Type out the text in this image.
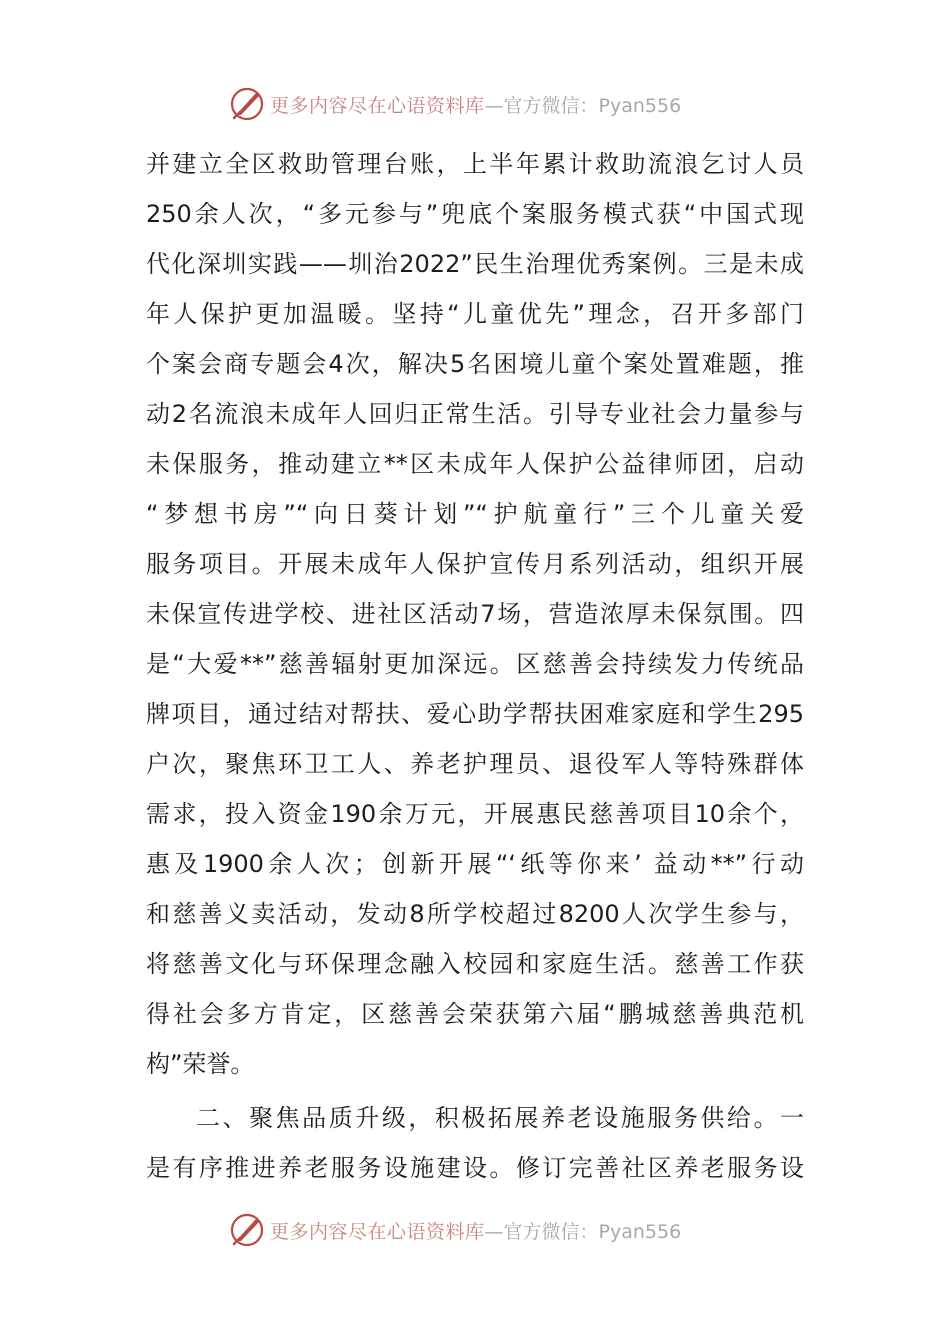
更多内容尽在心语资料库 —官方微信：Pyan556
并建立全区救助管理台账，上半年累计救助流浪乞讨人员
250余人次，“多元参与”兜底个案服务模式获“中国式现
代化深圳实践——圳治2022”民生治理优秀案例。三是未成
年人保护更加温暖。坚持“儿童优先”理念，召开多部门
个案会商专题会4次，解决5名困境儿童个案处置难题，推
动2名流浪未成年人回归正常生活。引导专业社会力量参与
未保服务，推动建立**区未成年人保护公益律师团，启动
“梦想书房”“向日葵计划”“护航童行”三个儿童关爱
服务项目。开展未成年人保护宣传月系列活动，组织开展
未保宣传进学校、进社区活动7场，营造浓厚未保氛围。四
是“大爱**”慈善辐射更加深远。区慈善会持续发力传统品
牌项目，通过结对帮扶、爱心助学帮扶困难家庭和学生295
户次，聚焦环卫工人、养老护理员、退役军人等特殊群体
需求，投入资金190余万元，开展惠民慈善项目10余个，
惠及1900余人次；创新开展“‘纸等你来’ 益动**”行动
和慈善义卖活动，发动8所学校超过8200人次学生参与，
将慈善文化与环保理念融入校园和家庭生活。慈善工作获
得社会多方肯定，区慈善会荣获第六届“鹏城慈善典范机
构”荣誉。
二、聚焦品质升级，积极拓展养老设施服务供给。一
是有序推进养老服务设施建设。修订完善社区养老服务设
更多内容尽在心语资料库 —官方微信：Pyan556
